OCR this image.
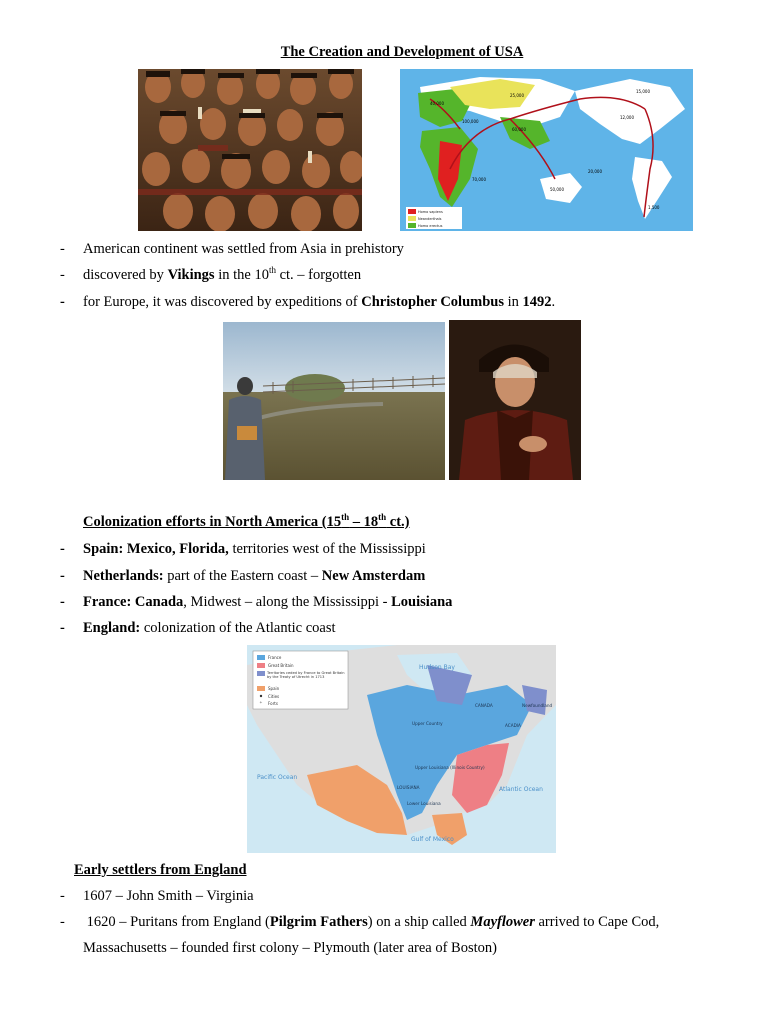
The Creation and Development of USA
Homo sapiens
Neanderthals
Homo erectus
40,000
25,000
100,000
60,000
15,000
12,000
50,000
20,000
1,500
70,000
- American continent was settled from Asia in prehistory
- discovered by Vikings in the 10th ct. – forgotten
- for Europe, it was discovered by expeditions of Christopher Columbus in 1492.
Colonization efforts in North America (15th – 18th ct.)
- Spain: Mexico, Florida, territories west of the Mississippi
- Netherlands: part of the Eastern coast – New Amsterdam
- France: Canada, Midwest – along the Mississippi - Louisiana
- England: colonization of the Atlantic coast
+
France
Great Britain
Territories ceded by France to Great Britain by the Treaty of Utrecht in 1713
Spain
Cities
Forts
Hudson Bay
Pacific Ocean
Atlantic Ocean
Gulf of Mexico
CANADA
ACADIA
Newfoundland
LOUISIANA
Upper Country
Upper Louisiana (Illinois Country)
Lower Louisiana
Early settlers from England
- 1607 – John Smith – Virginia
- 1620 – Puritans from England (Pilgrim Fathers) on a ship called Mayflower arrived to Cape Cod,
Massachusetts – founded first colony – Plymouth (later area of Boston)
